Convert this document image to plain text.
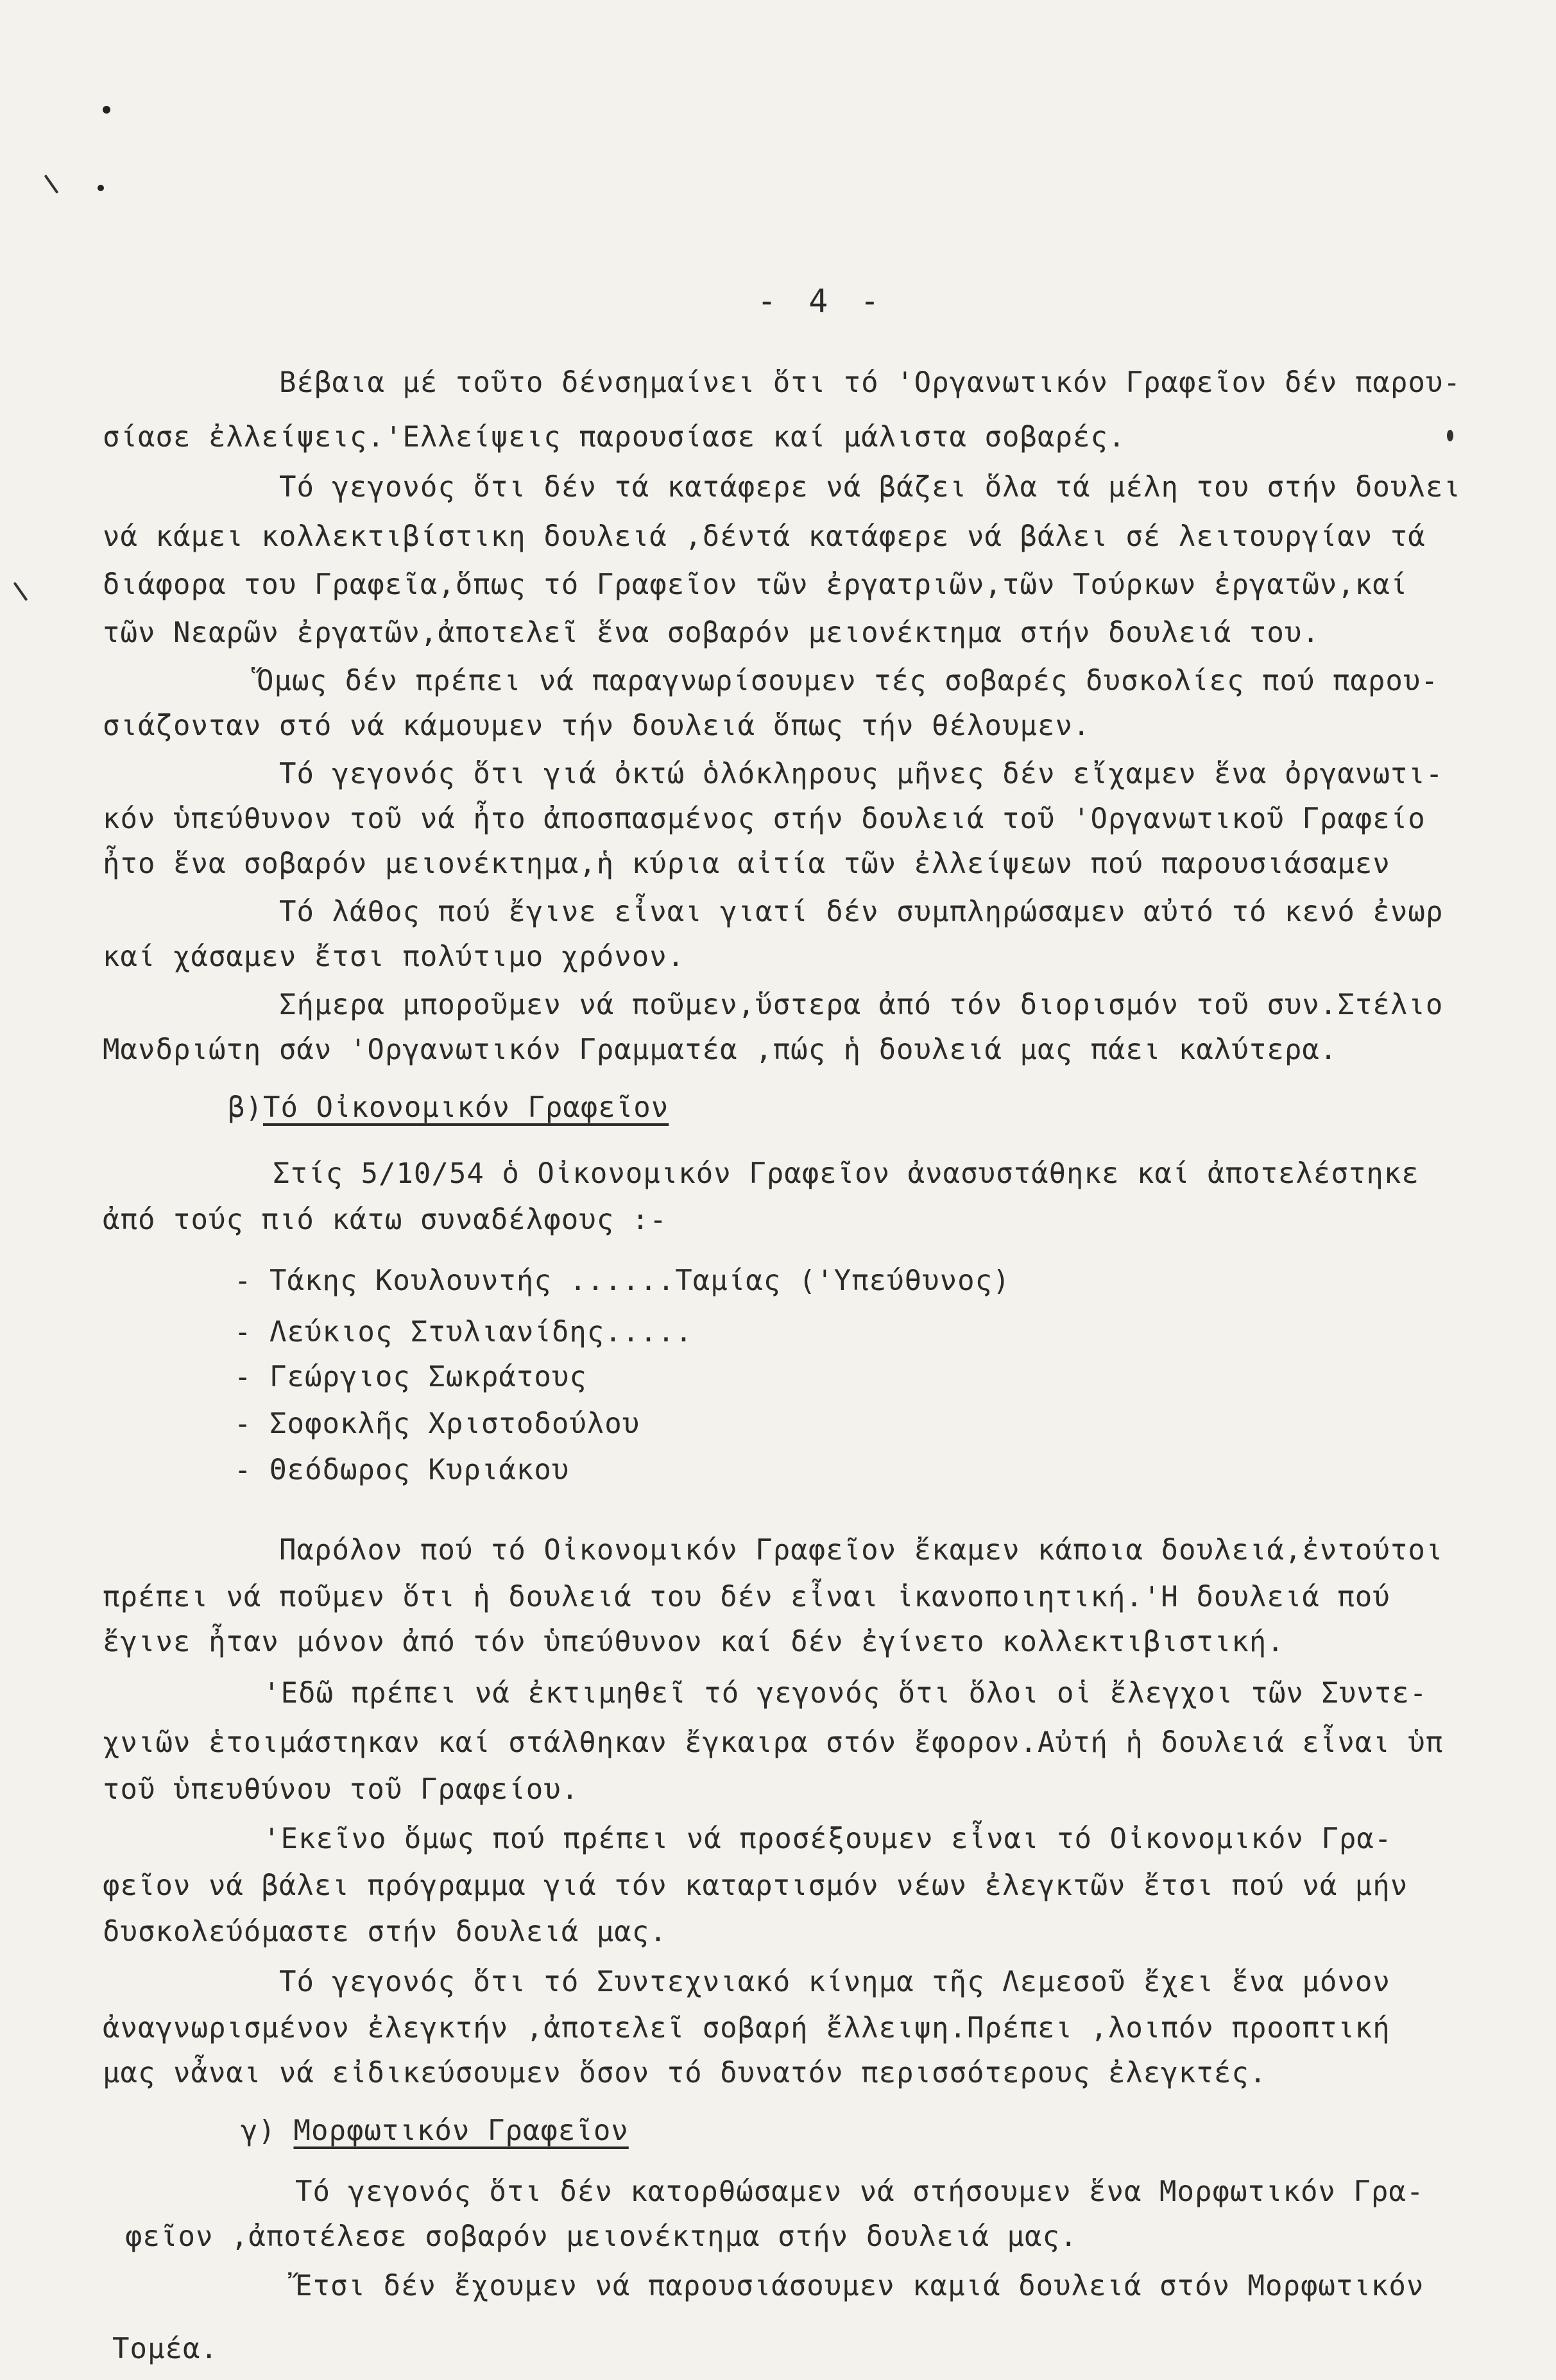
- 4 -
Βέβαια μέ τοῦτο δένσημαίνει ὅτι τό 'Οργανωτικόν Γραφεῖον δέν παρου-
σίασε ἐλλείψεις.'Ελλείψεις παρουσίασε καί μάλιστα σοβαρές.
Τό γεγονός ὅτι δέν τά κατάφερε νά βάζει ὅλα τά μέλη του στήν δουλει
νά κάμει κολλεκτιβίστικη δουλειά ,δέντά κατάφερε νά βάλει σέ λειτουργίαν τά
διάφορα του Γραφεῖα,ὅπως τό Γραφεῖον τῶν ἐργατριῶν,τῶν Τούρκων ἐργατῶν,καί
τῶν Νεαρῶν ἐργατῶν,ἀποτελεῖ ἕνα σοβαρόν μειονέκτημα στήν δουλειά του.
Ὅμως δέν πρέπει νά παραγνωρίσουμεν τές σοβαρές δυσκολίες πού παρου-
σιάζονταν στό νά κάμουμεν τήν δουλειά ὅπως τήν θέλουμεν.
Τό γεγονός ὅτι γιά ὀκτώ ὁλόκληρους μῆνες δέν εἴχαμεν ἕνα ὀργανωτι-
κόν ὑπεύθυνον τοῦ νά ἦτο ἀποσπασμένος στήν δουλειά τοῦ 'Οργανωτικοῦ Γραφείο
ἦτο ἕνα σοβαρόν μειονέκτημα,ἡ κύρια αἰτία τῶν ἐλλείψεων πού παρουσιάσαμεν
Τό λάθος πού ἔγινε εἶναι γιατί δέν συμπληρώσαμεν αὐτό τό κενό ἐνωρ
καί χάσαμεν ἔτσι πολύτιμο χρόνον.
Σήμερα μποροῦμεν νά ποῦμεν,ὕστερα ἀπό τόν διορισμόν τοῦ συν.Στέλιο
Μανδριώτη σάν 'Οργανωτικόν Γραμματέα ,πώς ἡ δουλειά μας πάει καλύτερα.
β)Τό Οἰκονομικόν Γραφεῖον
Στίς 5/10/54 ὁ Οἰκονομικόν Γραφεῖον ἀνασυστάθηκε καί ἀποτελέστηκε
ἀπό τούς πιό κάτω συναδέλφους :-
- Τάκης Κουλουντής ......Ταμίας ('Υπεύθυνος)
- Λεύκιος Στυλιανίδης.....
- Γεώργιος Σωκράτους
- Σοφοκλῆς Χριστοδούλου
- Θεόδωρος Κυριάκου
Παρόλον πού τό Οἰκονομικόν Γραφεῖον ἔκαμεν κάποια δουλειά,ἐντούτοι
πρέπει νά ποῦμεν ὅτι ἡ δουλειά του δέν εἶναι ἱκανοποιητική.'Η δουλειά πού
ἔγινε ἦταν μόνον ἀπό τόν ὑπεύθυνον καί δέν ἐγίνετο κολλεκτιβιστική.
'Εδῶ πρέπει νά ἐκτιμηθεῖ τό γεγονός ὅτι ὅλοι οἱ ἔλεγχοι τῶν Συντε-
χνιῶν ἑτοιμάστηκαν καί στάλθηκαν ἔγκαιρα στόν ἔφορον.Αὐτή ἡ δουλειά εἶναι ὑπ
τοῦ ὑπευθύνου τοῦ Γραφείου.
'Εκεῖνο ὅμως πού πρέπει νά προσέξουμεν εἶναι τό Οἰκονομικόν Γρα-
φεῖον νά βάλει πρόγραμμα γιά τόν καταρτισμόν νέων ἐλεγκτῶν ἔτσι πού νά μήν
δυσκολεύόμαστε στήν δουλειά μας.
Τό γεγονός ὅτι τό Συντεχνιακό κίνημα τῆς Λεμεσοῦ ἔχει ἕνα μόνον
ἀναγνωρισμένον ἐλεγκτήν ,ἀποτελεῖ σοβαρή ἔλλειψη.Πρέπει ,λοιπόν προοπτική
μας νἆναι νά εἰδικεύσουμεν ὅσον τό δυνατόν περισσότερους ἐλεγκτές.
γ) Μορφωτικόν Γραφεῖον
Τό γεγονός ὅτι δέν κατορθώσαμεν νά στήσουμεν ἕνα Μορφωτικόν Γρα-
φεῖον ,ἀποτέλεσε σοβαρόν μειονέκτημα στήν δουλειά μας.
Ἔτσι δέν ἔχουμεν νά παρουσιάσουμεν καμιά δουλειά στόν Μορφωτικόν
Τομέα.
